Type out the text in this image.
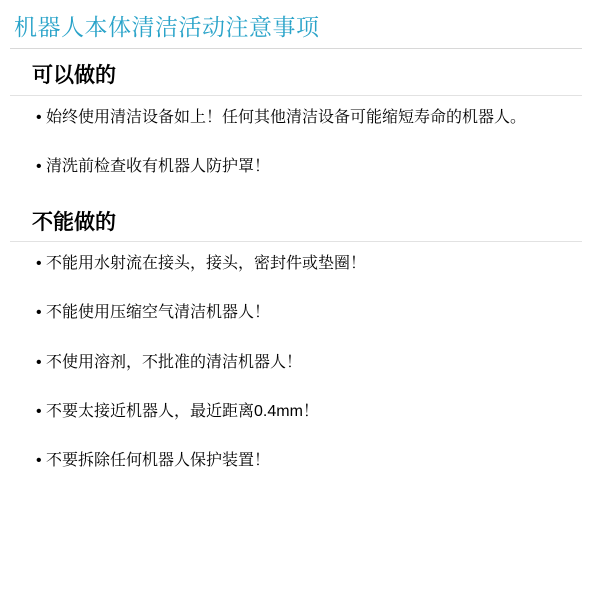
机器人本体清洁活动注意事项
可以做的
• 始终使用清洁设备如上！任何其他清洁设备可能缩短寿命的机器人。
• 清洗前检查收有机器人防护罩！
不能做的
• 不能用水射流在接头，接头，密封件或垫圈！
• 不能使用压缩空气清洁机器人！
• 不使用溶剂，不批准的清洁机器人！
• 不要太接近机器人，最近距离0.4mm！
• 不要拆除任何机器人保护装置！
